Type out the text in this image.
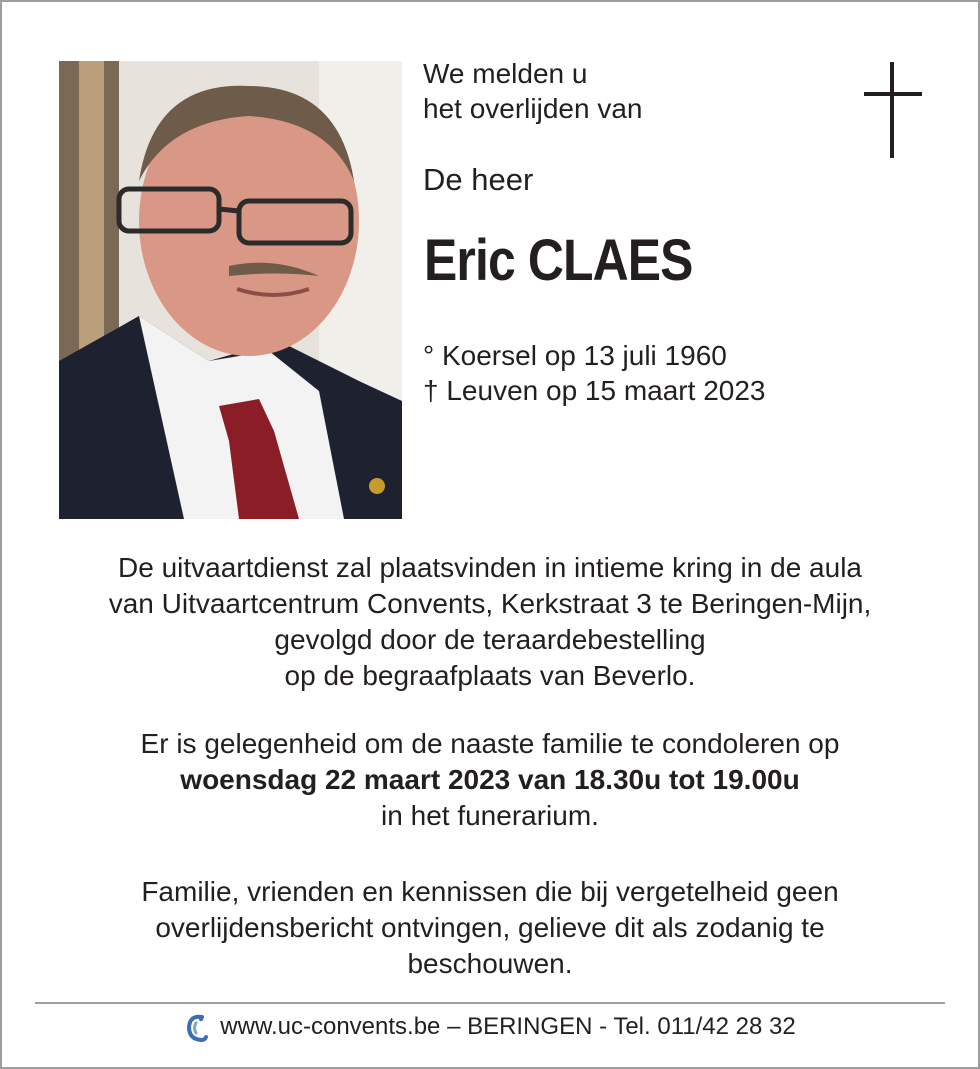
We melden u
het overlijden van
De heer
Eric CLAES
° Koersel op 13 juli 1960
† Leuven op 15 maart 2023
De uitvaartdienst zal plaatsvinden in intieme kring in de aula
van Uitvaartcentrum Convents, Kerkstraat 3 te Beringen-Mijn,
gevolgd door de teraardebestelling
op de begraafplaats van Beverlo.
Er is gelegenheid om de naaste familie te condoleren op
woensdag 22 maart 2023 van 18.30u tot 19.00u
in het funerarium.
Familie, vrienden en kennissen die bij vergetelheid geen
overlijdensbericht ontvingen, gelieve dit als zodanig te
beschouwen.
www.uc-convents.be – BERINGEN - Tel. 011/42 28 32
